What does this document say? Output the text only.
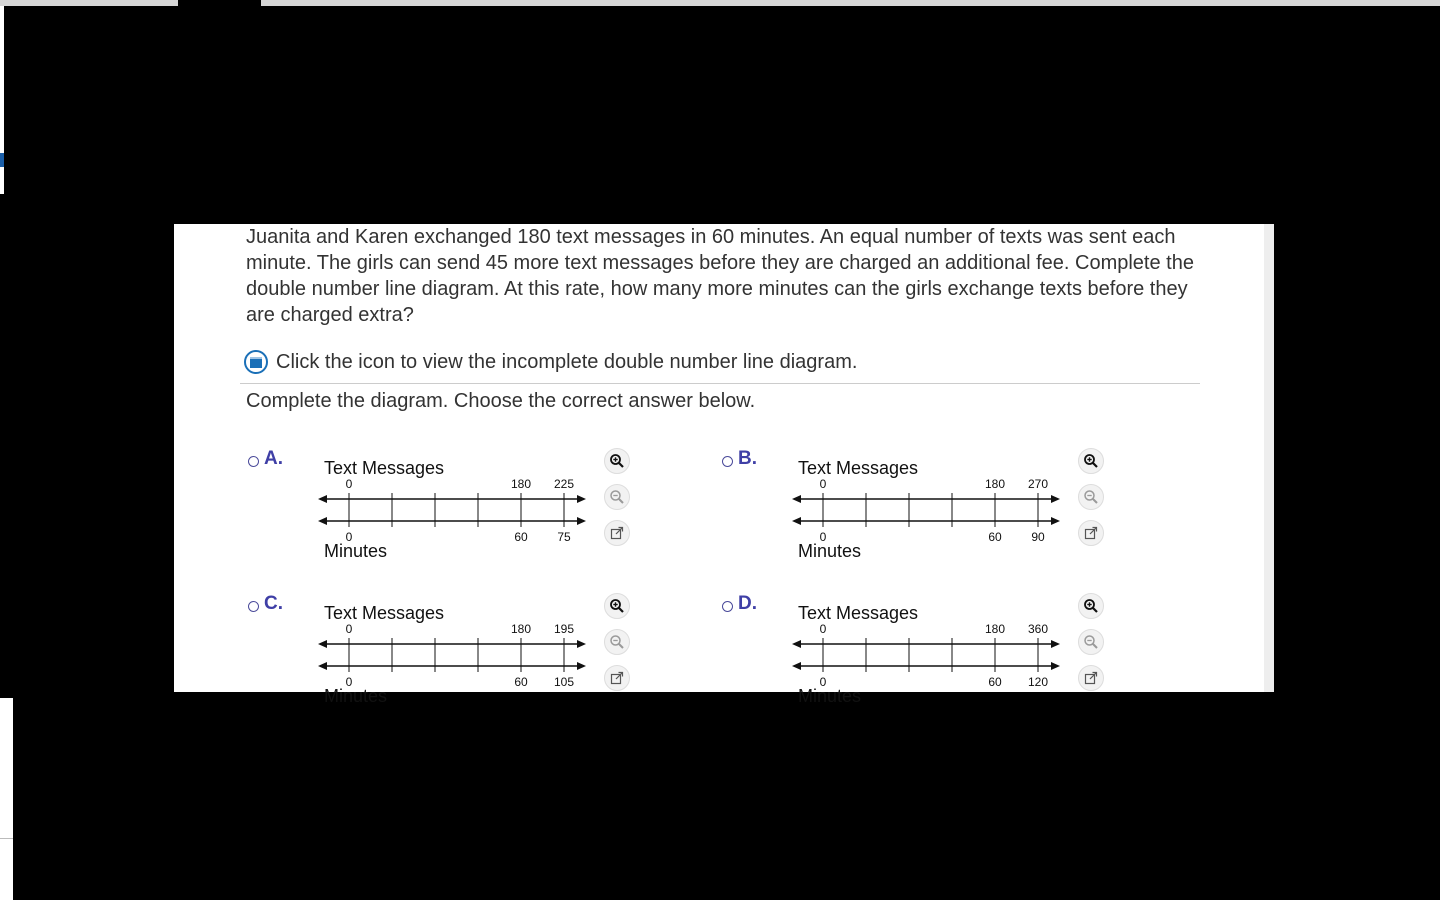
Juanita and Karen exchanged 180 text messages in 60 minutes. An equal number of texts was sent each minute. The girls can send 45 more text messages before they are charged an additional fee. Complete the double number line diagram. At this rate, how many more minutes can the girls exchange texts before they are charged extra?
Click the icon to view the incomplete double number line diagram.
Complete the diagram. Choose the correct answer below.
A. Text Messages
0
0
180
60
225
75
Minutes
B. Text Messages
0
0
180
60
270
90
Minutes
C. Text Messages
0
0
180
60
195
105
Minutes
D. Text Messages
0
0
180
60
360
120
Minutes
